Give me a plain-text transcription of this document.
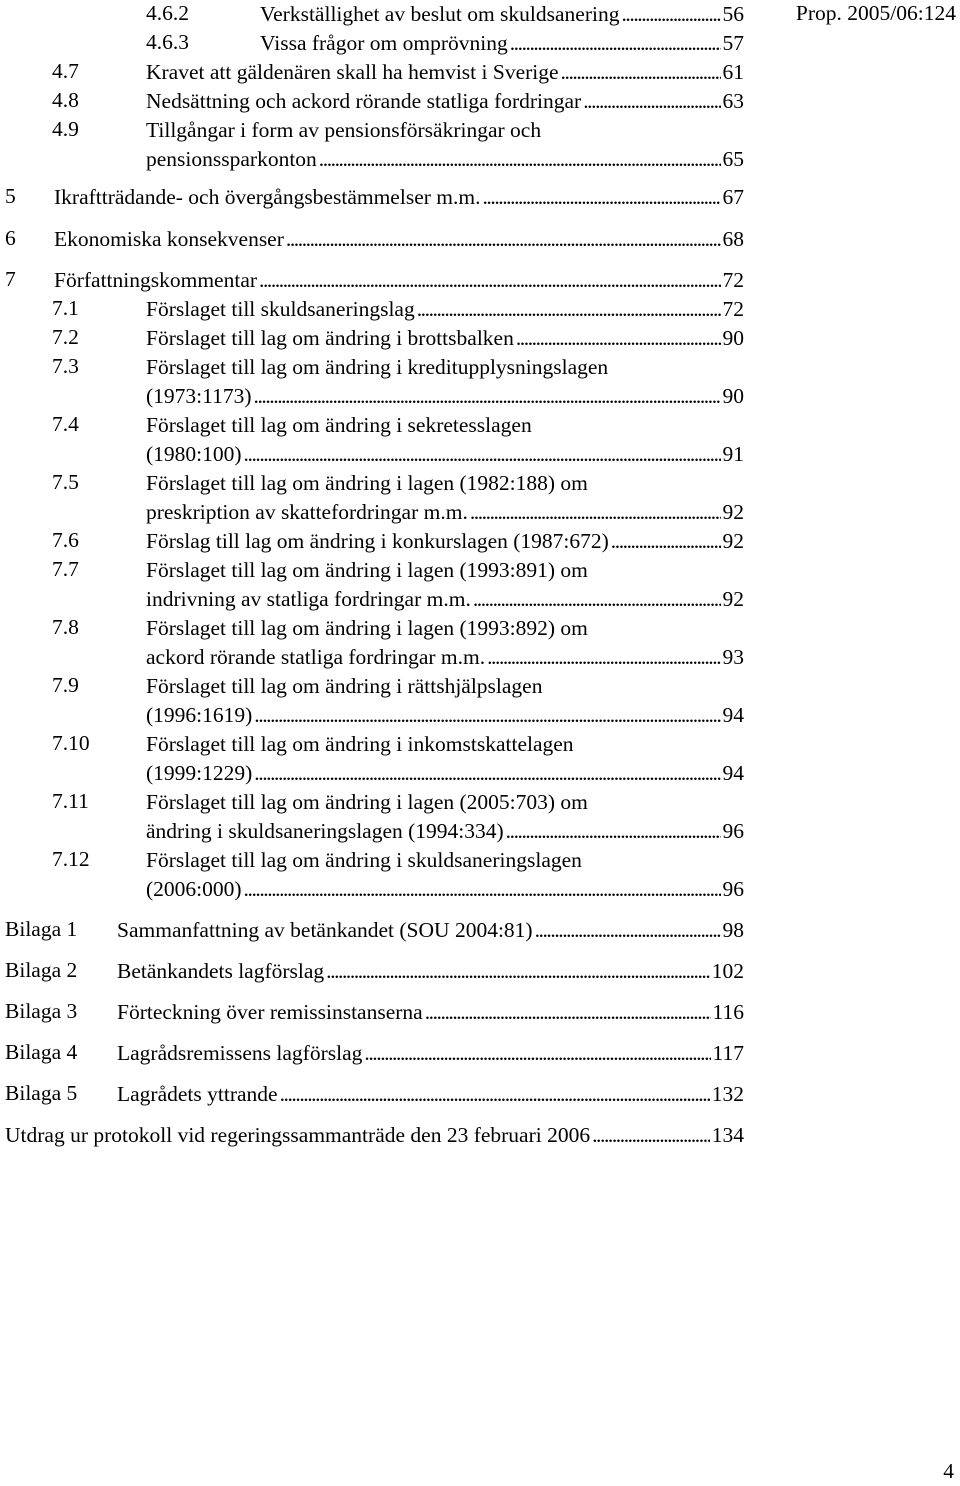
Prop. 2005/06:124
4.6.2	Verkställighet av beslut om skuldsanering	56
. . .
4.6.3	Vissa frågor om omprövning	57
. . .
4.7	Kravet att gäldenären skall ha hemvist i Sverige	61
. . .
4.8	Nedsättning och ackord rörande statliga fordringar	63
. . .
4.9	Tillgångar i form av pensionsförsäkringar och
pensionssparkonton	65
. . .
5 Ikraftträdande- och övergångsbestämmelser m.m.	67
. . .
6 Ekonomiska konsekvenser	68
. . .
7 Författningskommentar	72
. . .
7.1	Förslaget till skuldsaneringslag	72
. . .
7.2	Förslaget till lag om ändring i brottsbalken	90
. . .
7.3	Förslaget till lag om ändring i kreditupplysningslagen
(1973:1173)	90
. . .
7.4	Förslaget till lag om ändring i sekretesslagen
(1980:100)	91
. . .
7.5	Förslaget till lag om ändring i lagen (1982:188) om
preskription av skattefordringar m.m.	92
. . .
7.6	Förslag till lag om ändring i konkurslagen (1987:672)	92
. . .
7.7	Förslaget till lag om ändring i lagen (1993:891) om
indrivning av statliga fordringar m.m.	92
. . .
7.8	Förslaget till lag om ändring i lagen (1993:892) om
ackord rörande statliga fordringar m.m.	93
. . .
7.9	Förslaget till lag om ändring i rättshjälpslagen
(1996:1619)	94
. . .
7.10	Förslaget till lag om ändring i inkomstskattelagen
(1999:1229)	94
. . .
7.11	Förslaget till lag om ändring i lagen (2005:703) om
ändring i skuldsaneringslagen (1994:334)	96
. . .
7.12	Förslaget till lag om ändring i skuldsaneringslagen
(2006:000)	96
. . .
Bilaga 1 Sammanfattning av betänkandet (SOU 2004:81)	98
. . .
Bilaga 2 Betänkandets lagförslag	102
. . .
Bilaga 3 Förteckning över remissinstanserna	116
. . .
Bilaga 4 Lagrådsremissens lagförslag	117
. . .
Bilaga 5 Lagrådets yttrande	132
. . .
Utdrag ur protokoll vid regeringssammanträde den 23 februari 2006	134
. . .
4
